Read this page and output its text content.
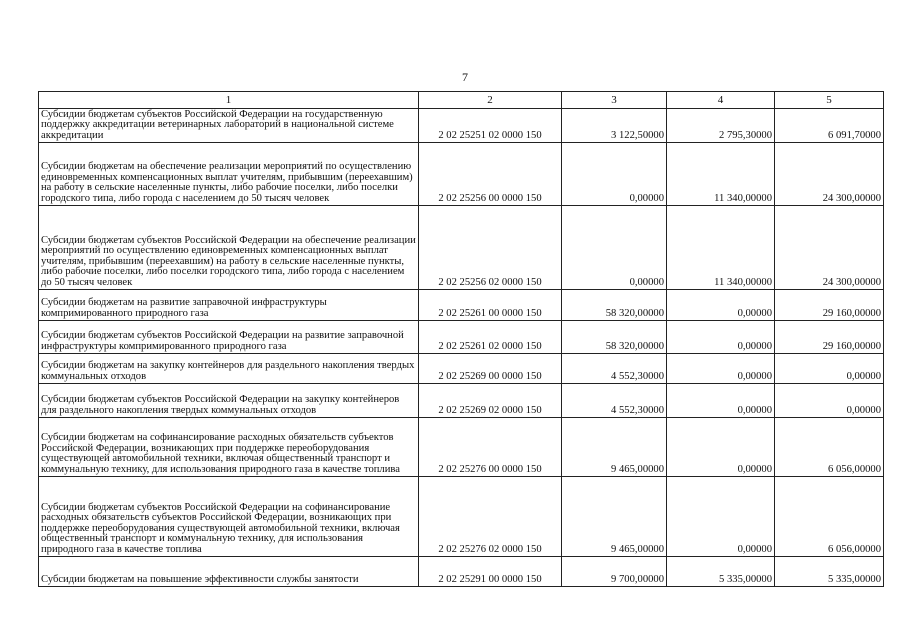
7
1	2	3	4	5
Субсидии бюджетам субъектов Российской Федерации на государственную поддержку аккредитации ветеринарных лабораторий в национальной системе аккредитации	2 02 25251 02 0000 150	3 122,50000	2 795,30000	6 091,70000
Субсидии бюджетам на обеспечение реализации мероприятий по осуществлению единовременных компенсационных выплат учителям, прибывшим (переехавшим) на работу в сельские населенные пункты, либо рабочие поселки, либо поселки городского типа, либо города с населением до 50 тысяч человек	2 02 25256 00 0000 150	0,00000	11 340,00000	24 300,00000
Субсидии бюджетам субъектов Российской Федерации на обеспечение реализации мероприятий по осуществлению единовременных компенсационных выплат учителям, прибывшим (переехавшим) на работу в сельские населенные пункты, либо рабочие поселки, либо поселки городского типа, либо города с населением до 50 тысяч человек	2 02 25256 02 0000 150	0,00000	11 340,00000	24 300,00000
Субсидии бюджетам на развитие заправочной инфраструктуры компримированного природного газа	2 02 25261 00 0000 150	58 320,00000	0,00000	29 160,00000
Субсидии бюджетам субъектов Российской Федерации на развитие заправочной инфраструктуры компримированного природного газа	2 02 25261 02 0000 150	58 320,00000	0,00000	29 160,00000
Субсидии бюджетам на закупку контейнеров для раздельного накопления твердых коммунальных отходов	2 02 25269 00 0000 150	4 552,30000	0,00000	0,00000
Субсидии бюджетам субъектов Российской Федерации на закупку контейнеров для раздельного накопления твердых коммунальных отходов	2 02 25269 02 0000 150	4 552,30000	0,00000	0,00000
Субсидии бюджетам на софинансирование расходных обязательств субъектов Российской Федерации, возникающих при поддержке переоборудования существующей автомобильной техники, включая общественный транспорт и коммунальную технику, для использования природного газа в качестве топлива	2 02 25276 00 0000 150	9 465,00000	0,00000	6 056,00000
Субсидии бюджетам субъектов Российской Федерации на софинансирование расходных обязательств субъектов Российской Федерации, возникающих при поддержке переоборудования существующей автомобильной техники, включая общественный транспорт и коммунальную технику, для использования природного газа в качестве топлива	2 02 25276 02 0000 150	9 465,00000	0,00000	6 056,00000
Субсидии бюджетам на повышение эффективности службы занятости	2 02 25291 00 0000 150	9 700,00000	5 335,00000	5 335,00000
